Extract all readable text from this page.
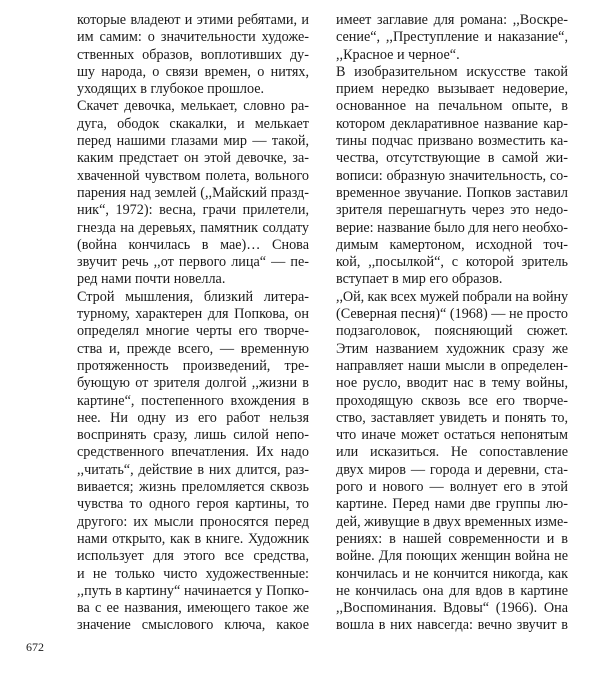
которые владеют и этими ребятами, и
им самим: о значительности художе-
ственных образов, воплотивших ду-
шу народа, о связи времен, о нитях,
уходящих в глубокое прошлое.
Скачет девочка, мелькает, словно ра-
дуга, ободок скакалки, и мелькает
перед нашими глазами мир — такой,
каким предстает он этой девочке, за-
хваченной чувством полета, вольного
парения над землей (,,Майский празд-
ник“, 1972): весна, грачи прилетели,
гнезда на деревьях, памятник солдату
(война кончилась в мае)… Снова
звучит речь ,,от первого лица“ — пе-
ред нами почти новелла.
Строй мышления, близкий литера-
турному, характерен для Попкова, он
определял многие черты его творче-
ства и, прежде всего, — временную
протяженность произведений, тре-
бующую от зрителя долгой ,,жизни в
картине“, постепенного вхождения в
нее. Ни одну из его работ нельзя
воспринять сразу, лишь силой непо-
средственного впечатления. Их надо
,,читать“, действие в них длится, раз-
вивается; жизнь преломляется сквозь
чувства то одного героя картины, то
другого: их мысли проносятся перед
нами открыто, как в книге. Художник
использует для этого все средства,
и не только чисто художественные:
,,путь в картину“ начинается у Попко-
ва с ее названия, имеющего такое же
значение смыслового ключа, какое
имеет заглавие для романа: ,,Воскре-
сение“, ,,Преступление и наказание“,
,,Красное и черное“.
В изобразительном искусстве такой
прием нередко вызывает недоверие,
основанное на печальном опыте, в
котором декларативное название кар-
тины подчас призвано возместить ка-
чества, отсутствующие в самой жи-
вописи: образную значительность, со-
временное звучание. Попков заставил
зрителя перешагнуть через это недо-
верие: название было для него необхо-
димым камертоном, исходной точ-
кой, ,,посылкой“, с которой зритель
вступает в мир его образов.
,,Ой, как всех мужей побрали на войну
(Северная песня)“ (1968) — не просто
подзаголовок, поясняющий сюжет.
Этим названием художник сразу же
направляет наши мысли в определен-
ное русло, вводит нас в тему войны,
проходящую сквозь все его творче-
ство, заставляет увидеть и понять то,
что иначе может остаться непонятым
или исказиться. Не сопоставление
двух миров — города и деревни, ста-
рого и нового — волнует его в этой
картине. Перед нами две группы лю-
дей, живущие в двух временных изме-
рениях: в нашей современности и в
войне. Для поющих женщин война не
кончилась и не кончится никогда, как
не кончилась она для вдов в картине
,,Воспоминания. Вдовы“ (1966). Она
вошла в них навсегда: вечно звучит в
672
